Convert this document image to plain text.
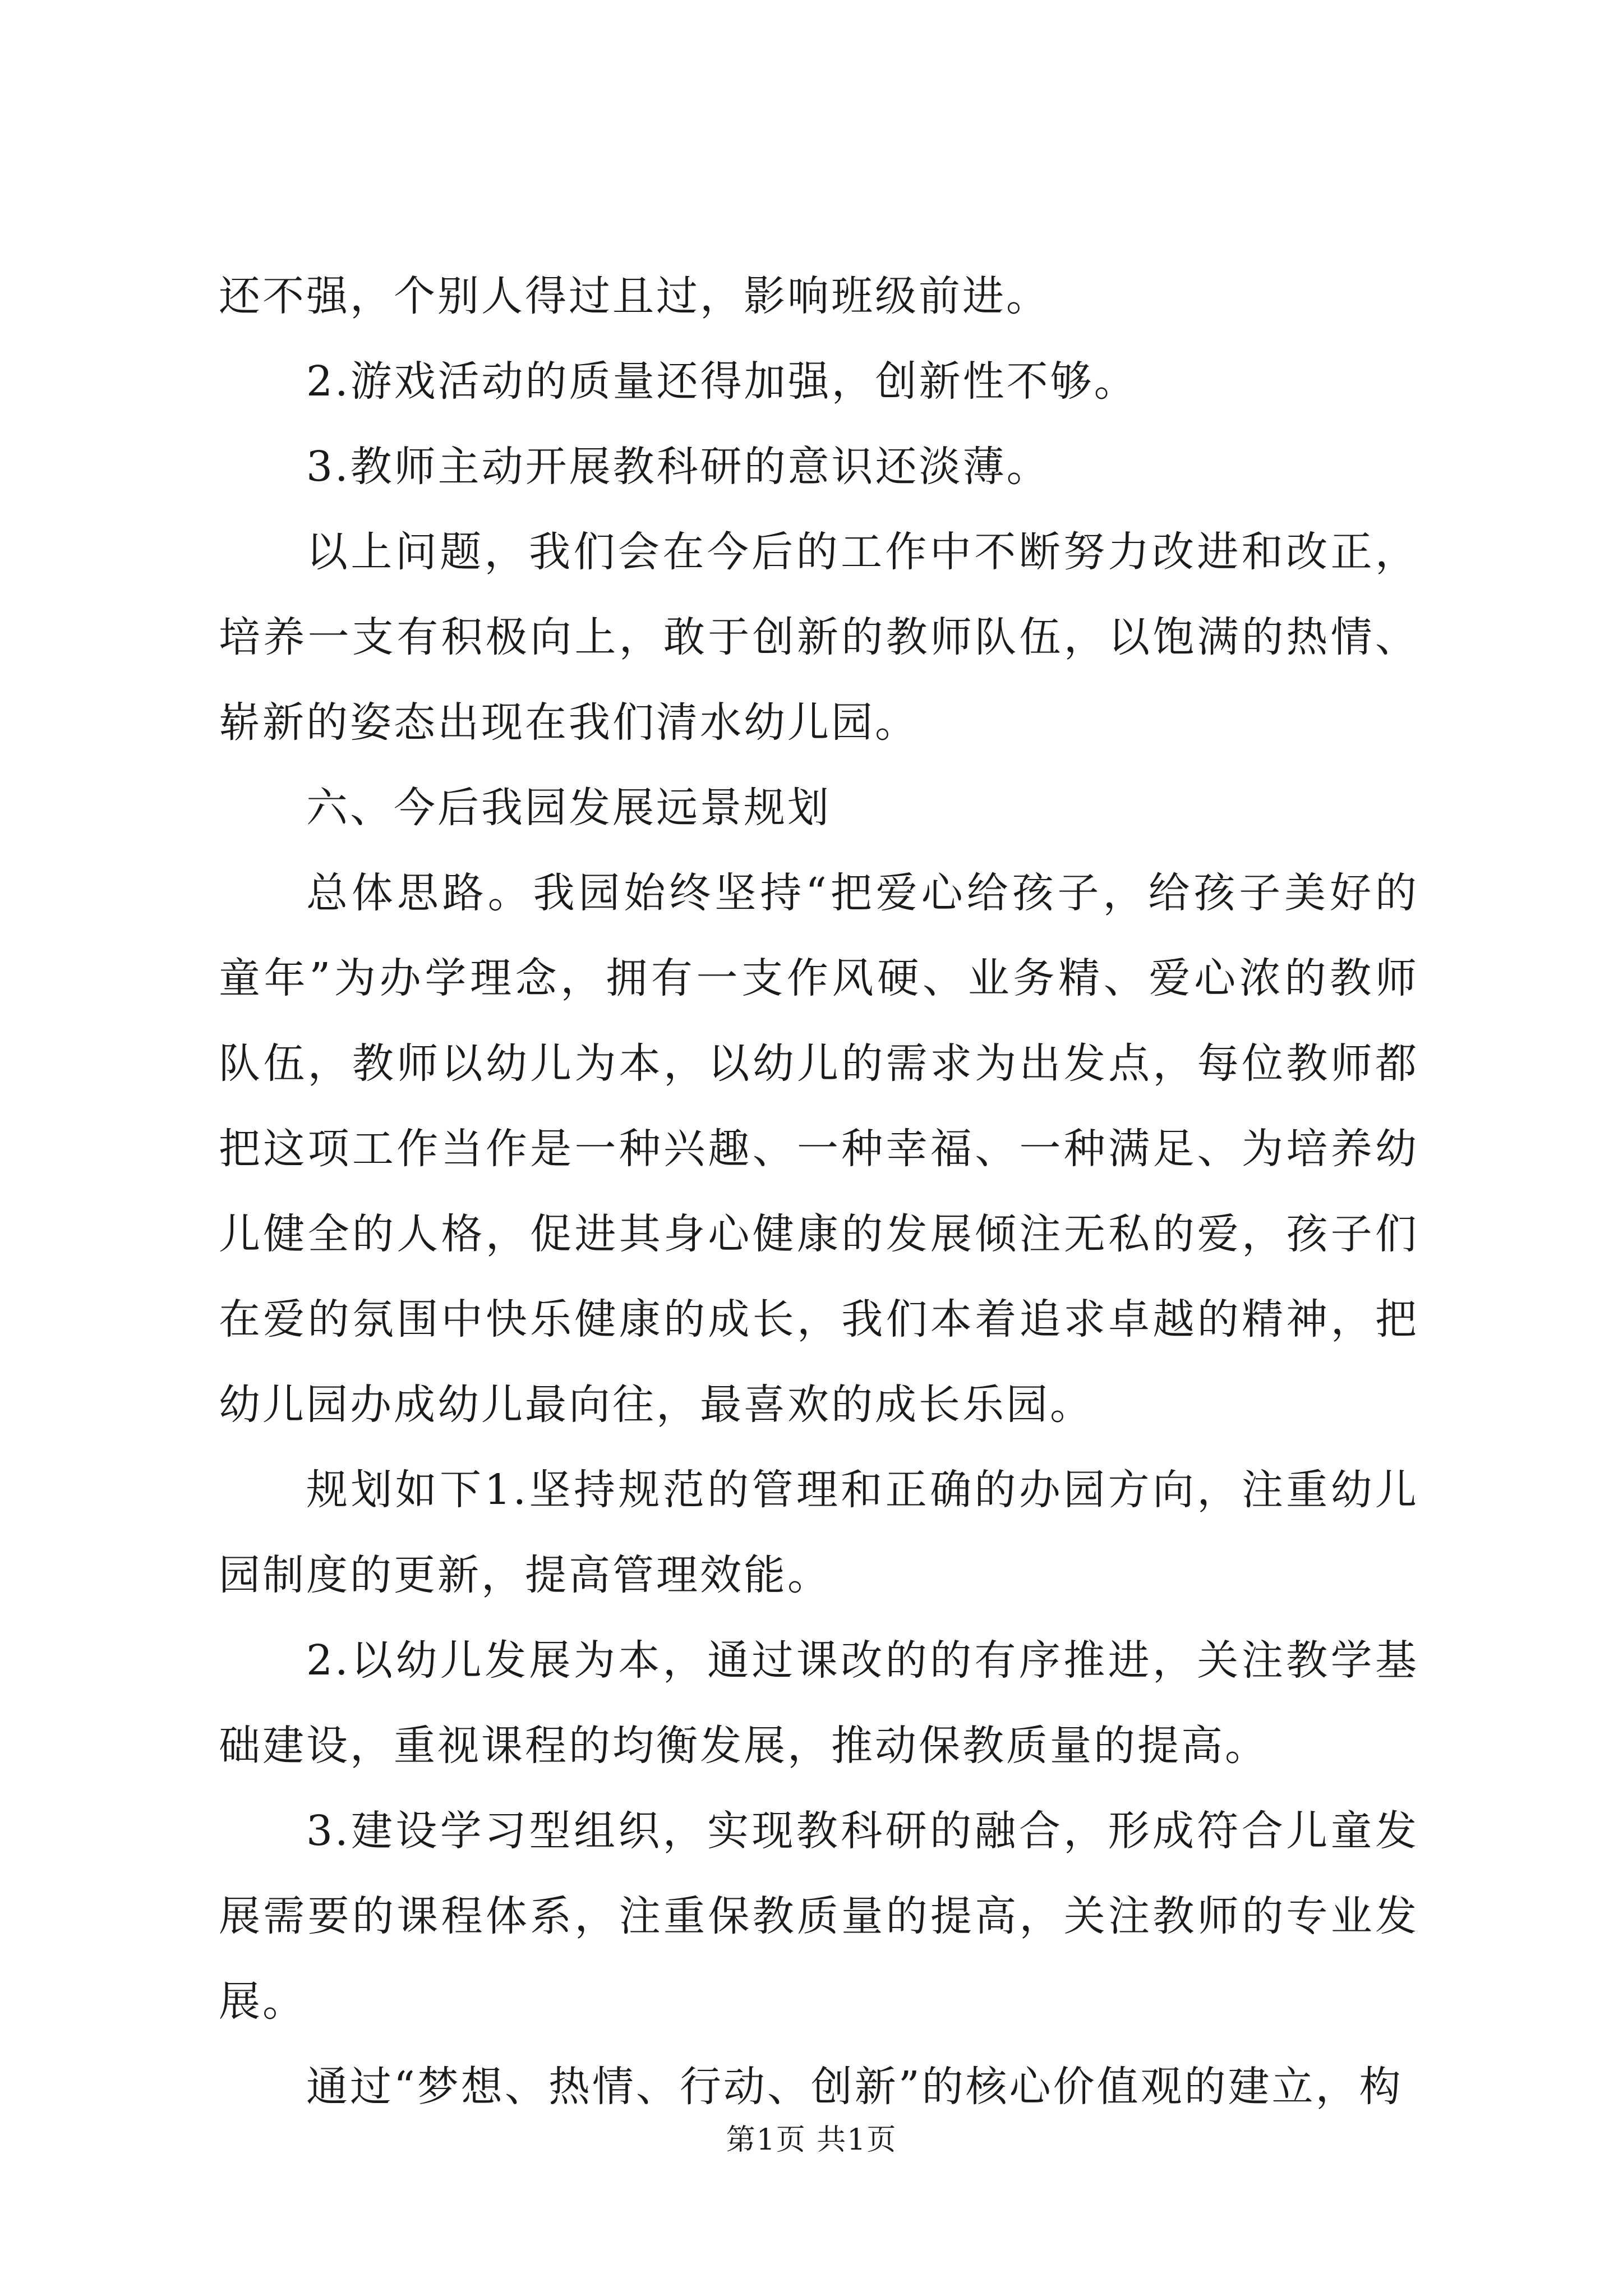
还不强，个别人得过且过，影响班级前进。

2.游戏活动的质量还得加强，创新性不够。

3.教师主动开展教科研的意识还淡薄。

以上问题，我们会在今后的工作中不断努力改进和改正，培养一支有积极向上，敢于创新的教师队伍，以饱满的热情、崭新的姿态出现在我们清水幼儿园。

六、今后我园发展远景规划

总体思路。我园始终坚持“把爱心给孩子，给孩子美好的童年”为办学理念，拥有一支作风硬、业务精、爱心浓的教师队伍，教师以幼儿为本，以幼儿的需求为出发点，每位教师都把这项工作当作是一种兴趣、一种幸福、一种满足、为培养幼儿健全的人格，促进其身心健康的发展倾注无私的爱，孩子们在爱的氛围中快乐健康的成长，我们本着追求卓越的精神，把幼儿园办成幼儿最向往，最喜欢的成长乐园。

规划如下1.坚持规范的管理和正确的办园方向，注重幼儿园制度的更新，提高管理效能。

2.以幼儿发展为本，通过课改的的有序推进，关注教学基础建设，重视课程的均衡发展，推动保教质量的提高。

3.建设学习型组织，实现教科研的融合，形成符合儿童发展需要的课程体系，注重保教质量的提高，关注教师的专业发展。

通过“梦想、热情、行动、创新”的核心价值观的建立，构

第1页 共1页
